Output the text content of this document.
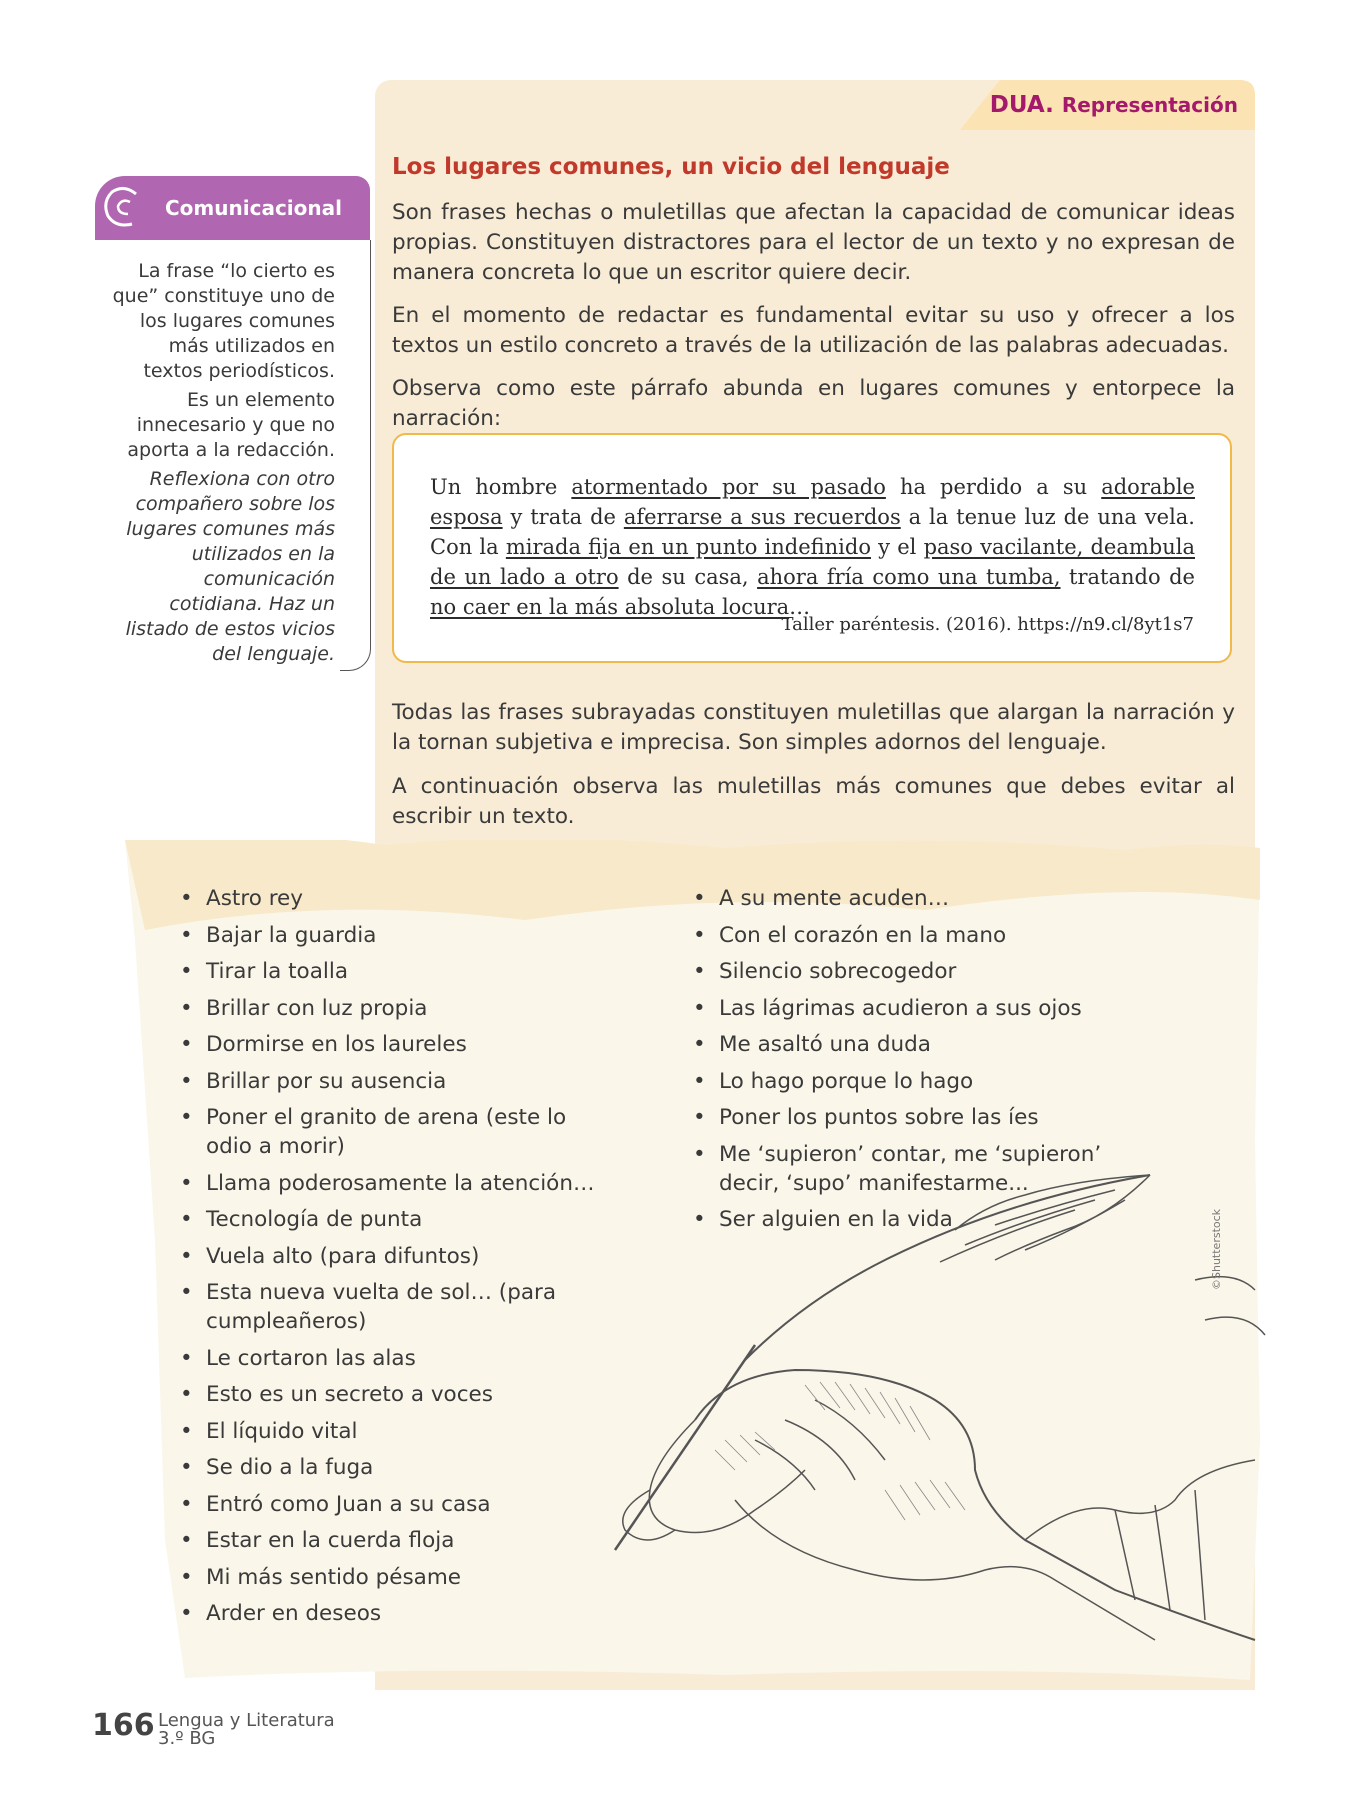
DUA. Representación
Comunicacional
La frase “lo cierto es que” constituye uno de los lugares comunes más utilizados en textos periodísticos.
Es un elemento innecesario y que no aporta a la redacción.
Reflexiona con otro compañero sobre los lugares comunes más utilizados en la comunicación cotidiana. Haz un listado de estos vicios del lenguaje.
Los lugares comunes, un vicio del lenguaje
Son frases hechas o muletillas que afectan la capacidad de comunicar ideas propias. Constituyen distractores para el lector de un texto y no expresan de manera concreta lo que un escritor quiere decir.
En el momento de redactar es fundamental evitar su uso y ofrecer a los textos un estilo concreto a través de la utilización de las palabras adecuadas.
Observa como este párrafo abunda en lugares comunes y entorpece la narración:
Un hombre atormentado por su pasado ha perdido a su adorable esposa y trata de aferrarse a sus recuerdos a la tenue luz de una vela. Con la mirada fija en un punto indefinido y el paso vacilante, deambula de un lado a otro de su casa, ahora fría como una tumba, tratando de no caer en la más absoluta locura…
Taller paréntesis. (2016). https://n9.cl/8yt1s7
Todas las frases subrayadas constituyen muletillas que alargan la narración y la tornan subjetiva e imprecisa. Son simples adornos del lenguaje.
A continuación observa las muletillas más comunes que debes evitar al escribir un texto.
©Shutterstock
• Astro rey
• Bajar la guardia
• Tirar la toalla
• Brillar con luz propia
• Dormirse en los laureles
• Brillar por su ausencia
• Poner el granito de arena (este lo odio a morir)
• Llama poderosamente la atención…
• Tecnología de punta
• Vuela alto (para difuntos)
• Esta nueva vuelta de sol… (para cumpleañeros)
• Le cortaron las alas
• Esto es un secreto a voces
• El líquido vital
• Se dio a la fuga
• Entró como Juan a su casa
• Estar en la cuerda floja
• Mi más sentido pésame
• Arder en deseos
• A su mente acuden…
• Con el corazón en la mano
• Silencio sobrecogedor
• Las lágrimas acudieron a sus ojos
• Me asaltó una duda
• Lo hago porque lo hago
• Poner los puntos sobre las íes
• Me ‘supieron’ contar, me ‘supieron’ decir, ‘supo’ manifestarme...
• Ser alguien en la vida
166 Lengua y Literatura
3.º BG
